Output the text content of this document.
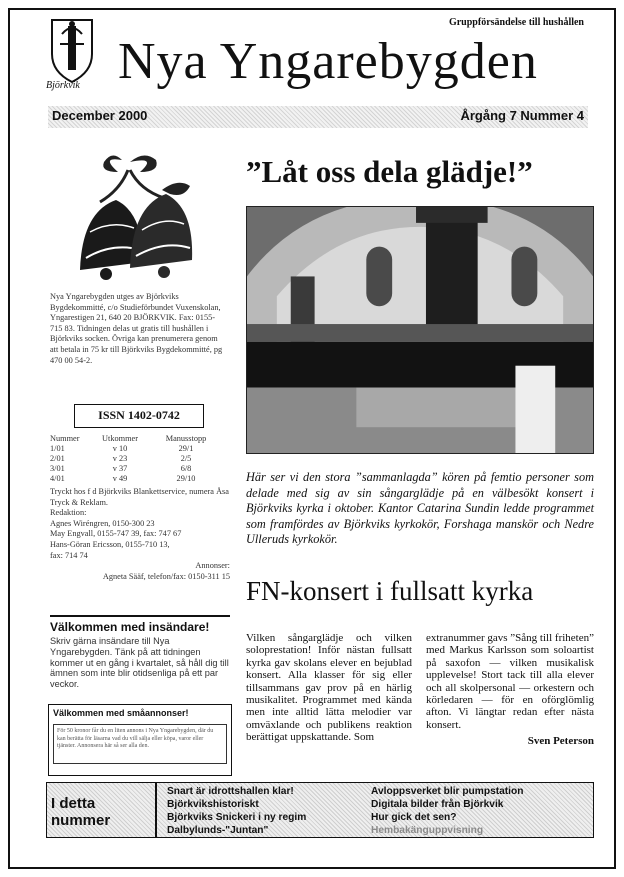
Björkvik
Gruppförsändelse till hushållen
Nya Yngarebygden
December 2000	Årgång 7 Nummer 4
Nya Yngarebygden utges av Björkviks Bygdekommitté, c/o Studieförbundet Vuxenskolan, Yngarestigen 21, 640 20 BJÖRKVIK. Fax: 0155-715 83. Tidningen delas ut gratis till hushållen i Björkviks socken. Övriga kan prenumerera genom att betala in 75 kr till Björkviks Bygdekommitté, pg 470 00 54-2.
ISSN 1402-0742
Nummer	Utkommer	Manusstopp
1/01	v 10	29/1
2/01	v 23	2/5
3/01	v 37	6/8
4/01	v 49	29/10
Tryckt hos f d Björkviks Blankettservice, numera Åsa Tryck & Reklam.
Redaktion:
Agnes Wiréngren, 0150-300 23
May Engvall, 0155-747 39, fax: 747 67
Hans-Göran Ericsson, 0155-710 13,
fax: 714 74
Annonser:
Agneta Sääf, telefon/fax: 0150-311 15
Välkommen med insändare!

Skriv gärna insändare till Nya Yngarebygden. Tänk på att tidningen kommer ut en gång i kvartalet, så håll dig till ämnen som inte blir otidsenliga på ett par veckor.

Välkommen med småannonser!
För 50 kronor får du en liten annons i Nya Yngarebygden, där du kan berätta för läsarna vad du vill sälja eller köpa, varor eller tjänster. Annonsera här så ser alla den.
”Låt oss dela glädje!”
Här ser vi den stora ”sammanlagda” kören på femtio personer som delade med sig av sin sångarglädje på en välbesökt konsert i Björkviks kyrka i oktober. Kantor Catarina Sundin ledde programmet som framfördes av Björkviks kyrkokör, Forshaga manskör och Nedre Ulleruds kyrkokör.
FN-konsert i fullsatt kyrka
Vilken sångarglädje och vilken soloprestation! Inför nästan fullsatt kyrka gav skolans elever en bejublad konsert. Alla klasser för sig eller tillsammans gav prov på en härlig musikalitet. Programmet med kända men inte alltid lätta melodier var omväxlande och publikens reaktion berättigat uppskattande. Som
extranummer gavs ”Sång till friheten” med Markus Karlsson som soloartist på saxofon — vilken musikalisk upplevelse! Stort tack till alla elever och all skolpersonal — orkestern och körledaren — för en oförglömlig afton. Vi längtar redan efter nästa konsert.
Sven Peterson
I detta
nummer
Snart är idrottshallen klar!
Björkvikshistoriskt
Björkviks Snickeri i ny regim
Dalbylunds-"Juntan"
Avloppsverket blir pumpstation
Digitala bilder från Björkvik
Hur gick det sen?
Hembakänguppvisning
